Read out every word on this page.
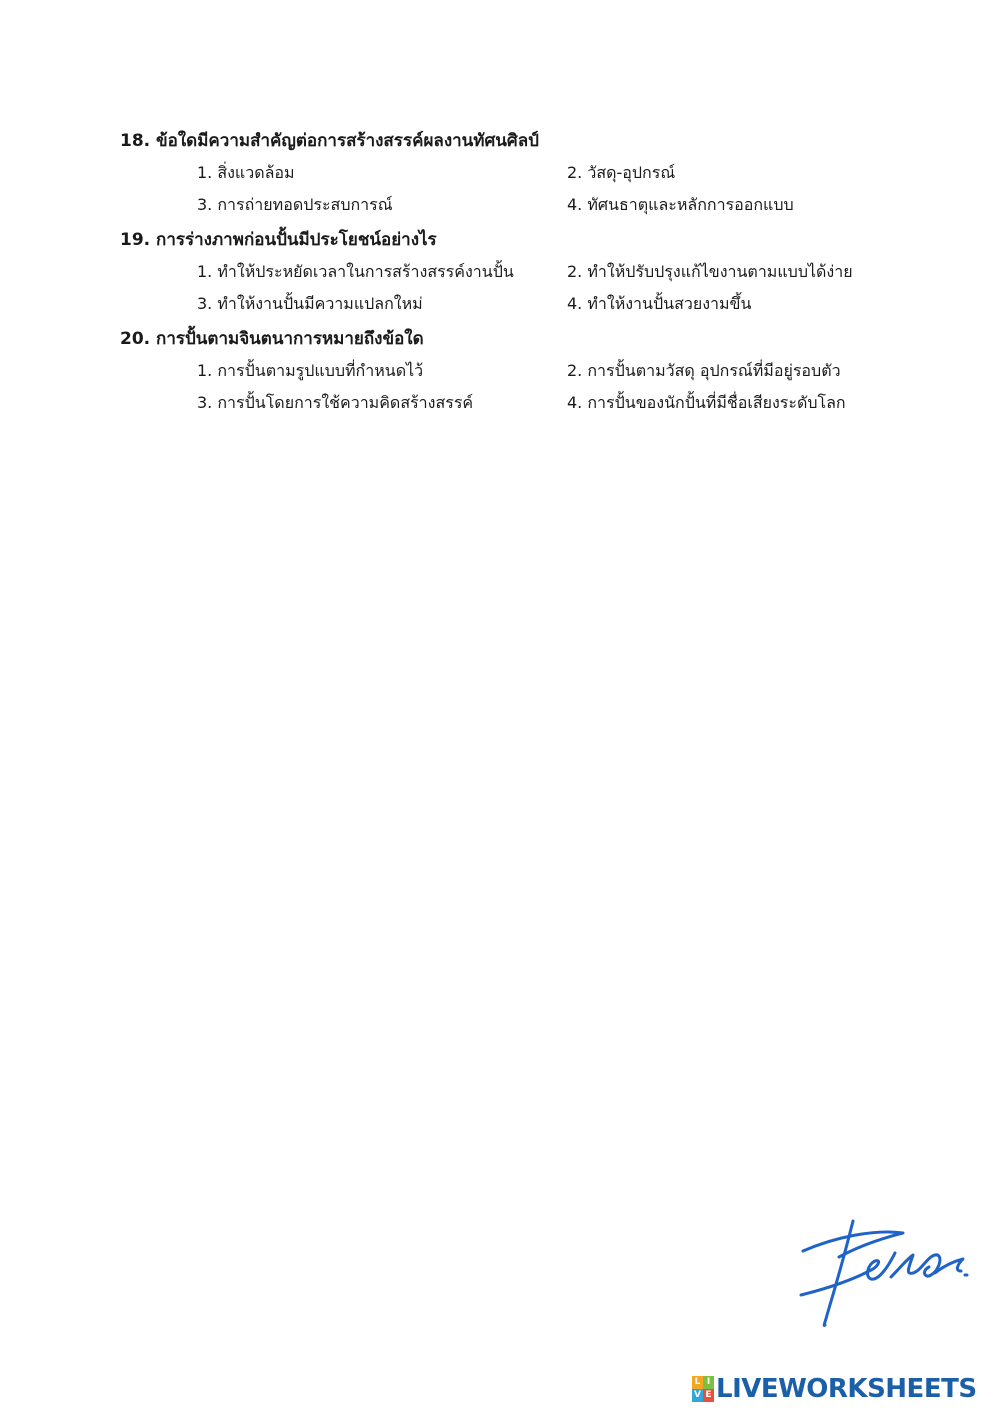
18. ข้อใดมีความสำคัญต่อการสร้างสรรค์ผลงานทัศนศิลป์
1. สิ่งแวดล้อม	2. วัสดุ-อุปกรณ์
3. การถ่ายทอดประสบการณ์	4. ทัศนธาตุและหลักการออกแบบ
19. การร่างภาพก่อนปั้นมีประโยชน์อย่างไร
1. ทำให้ประหยัดเวลาในการสร้างสรรค์งานปั้น	2. ทำให้ปรับปรุงแก้ไขงานตามแบบได้ง่าย
3. ทำให้งานปั้นมีความแปลกใหม่	4. ทำให้งานปั้นสวยงามขึ้น
20. การปั้นตามจินตนาการหมายถึงข้อใด
1. การปั้นตามรูปแบบที่กำหนดไว้	2. การปั้นตามวัสดุ อุปกรณ์ที่มีอยู่รอบตัว
3. การปั้นโดยการใช้ความคิดสร้างสรรค์	4. การปั้นของนักปั้นที่มีชื่อเสียงระดับโลก
L I
V E LIVEWORKSHEETS
